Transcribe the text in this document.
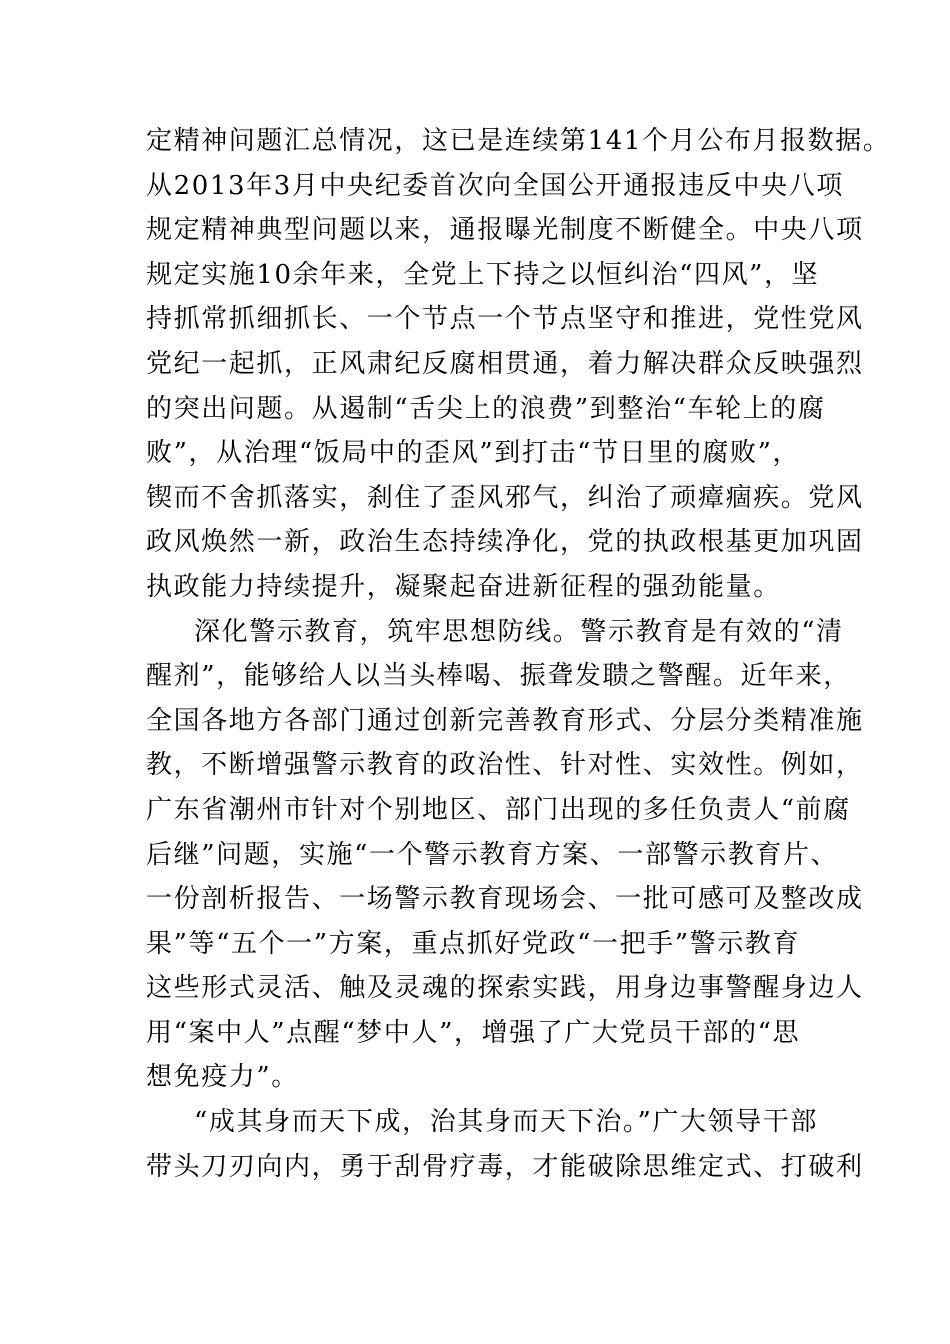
定精神问题汇总情况，这已是连续第141个月公布月报数据。
从2013年3月中央纪委首次向全国公开通报违反中央八项
规定精神典型问题以来，通报曝光制度不断健全。中央八项
规定实施10余年来，全党上下持之以恒纠治“四风”，坚
持抓常抓细抓长、一个节点一个节点坚守和推进，党性党风
党纪一起抓，正风肃纪反腐相贯通，着力解决群众反映强烈
的突出问题。从遏制“舌尖上的浪费”到整治“车轮上的腐
败”，从治理“饭局中的歪风”到打击“节日里的腐败”，
锲而不舍抓落实，刹住了歪风邪气，纠治了顽瘴痼疾。党风
政风焕然一新，政治生态持续净化，党的执政根基更加巩固
执政能力持续提升，凝聚起奋进新征程的强劲能量。
深化警示教育，筑牢思想防线。警示教育是有效的“清
醒剂”，能够给人以当头棒喝、振聋发聩之警醒。近年来，
全国各地方各部门通过创新完善教育形式、分层分类精准施
教，不断增强警示教育的政治性、针对性、实效性。例如，
广东省潮州市针对个别地区、部门出现的多任负责人“前腐
后继”问题，实施“一个警示教育方案、一部警示教育片、
一份剖析报告、一场警示教育现场会、一批可感可及整改成
果”等“五个一”方案，重点抓好党政“一把手”警示教育
这些形式灵活、触及灵魂的探索实践，用身边事警醒身边人
用“案中人”点醒“梦中人”，增强了广大党员干部的“思
想免疫力”。
“成其身而天下成，治其身而天下治。”广大领导干部
带头刀刃向内，勇于刮骨疗毒，才能破除思维定式、打破利
